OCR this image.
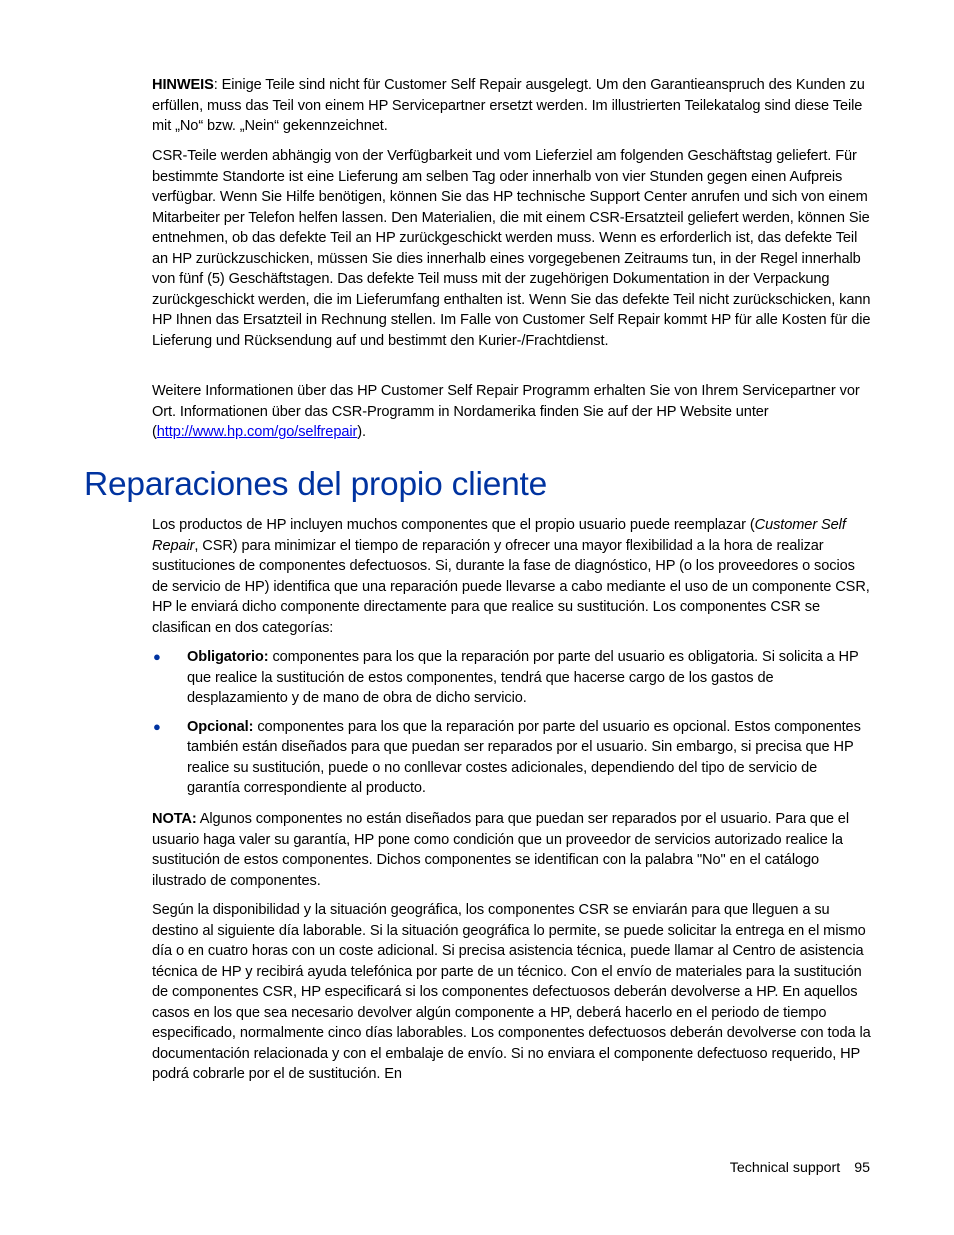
HINWEIS: Einige Teile sind nicht für Customer Self Repair ausgelegt. Um den Garantieanspruch des Kunden zu erfüllen, muss das Teil von einem HP Servicepartner ersetzt werden. Im illustrierten Teilekatalog sind diese Teile mit „No“ bzw. „Nein“ gekennzeichnet.

CSR-Teile werden abhängig von der Verfügbarkeit und vom Lieferziel am folgenden Geschäftstag geliefert. Für bestimmte Standorte ist eine Lieferung am selben Tag oder innerhalb von vier Stunden gegen einen Aufpreis verfügbar. Wenn Sie Hilfe benötigen, können Sie das HP technische Support Center anrufen und sich von einem Mitarbeiter per Telefon helfen lassen. Den Materialien, die mit einem CSR-Ersatzteil geliefert werden, können Sie entnehmen, ob das defekte Teil an HP zurückgeschickt werden muss. Wenn es erforderlich ist, das defekte Teil an HP zurückzuschicken, müssen Sie dies innerhalb eines vorgegebenen Zeitraums tun, in der Regel innerhalb von fünf (5) Geschäftstagen. Das defekte Teil muss mit der zugehörigen Dokumentation in der Verpackung zurückgeschickt werden, die im Lieferumfang enthalten ist. Wenn Sie das defekte Teil nicht zurückschicken, kann HP Ihnen das Ersatzteil in Rechnung stellen. Im Falle von Customer Self Repair kommt HP für alle Kosten für die Lieferung und Rücksendung auf und bestimmt den Kurier-/Frachtdienst.

Weitere Informationen über das HP Customer Self Repair Programm erhalten Sie von Ihrem Servicepartner vor Ort. Informationen über das CSR-Programm in Nordamerika finden Sie auf der HP Website unter (http://www.hp.com/go/selfrepair).

Reparaciones del propio cliente

Los productos de HP incluyen muchos componentes que el propio usuario puede reemplazar (Customer Self Repair, CSR) para minimizar el tiempo de reparación y ofrecer una mayor flexibilidad a la hora de realizar sustituciones de componentes defectuosos. Si, durante la fase de diagnóstico, HP (o los proveedores o socios de servicio de HP) identifica que una reparación puede llevarse a cabo mediante el uso de un componente CSR, HP le enviará dicho componente directamente para que realice su sustitución. Los componentes CSR se clasifican en dos categorías:

● Obligatorio: componentes para los que la reparación por parte del usuario es obligatoria. Si solicita a HP que realice la sustitución de estos componentes, tendrá que hacerse cargo de los gastos de desplazamiento y de mano de obra de dicho servicio.
● Opcional: componentes para los que la reparación por parte del usuario es opcional. Estos componentes también están diseñados para que puedan ser reparados por el usuario. Sin embargo, si precisa que HP realice su sustitución, puede o no conllevar costes adicionales, dependiendo del tipo de servicio de garantía correspondiente al producto.

NOTA: Algunos componentes no están diseñados para que puedan ser reparados por el usuario. Para que el usuario haga valer su garantía, HP pone como condición que un proveedor de servicios autorizado realice la sustitución de estos componentes. Dichos componentes se identifican con la palabra "No" en el catálogo ilustrado de componentes.

Según la disponibilidad y la situación geográfica, los componentes CSR se enviarán para que lleguen a su destino al siguiente día laborable. Si la situación geográfica lo permite, se puede solicitar la entrega en el mismo día o en cuatro horas con un coste adicional. Si precisa asistencia técnica, puede llamar al Centro de asistencia técnica de HP y recibirá ayuda telefónica por parte de un técnico. Con el envío de materiales para la sustitución de componentes CSR, HP especificará si los componentes defectuosos deberán devolverse a HP. En aquellos casos en los que sea necesario devolver algún componente a HP, deberá hacerlo en el periodo de tiempo especificado, normalmente cinco días laborables. Los componentes defectuosos deberán devolverse con toda la documentación relacionada y con el embalaje de envío. Si no enviara el componente defectuoso requerido, HP podrá cobrarle por el de sustitución. En

Technical support 95
